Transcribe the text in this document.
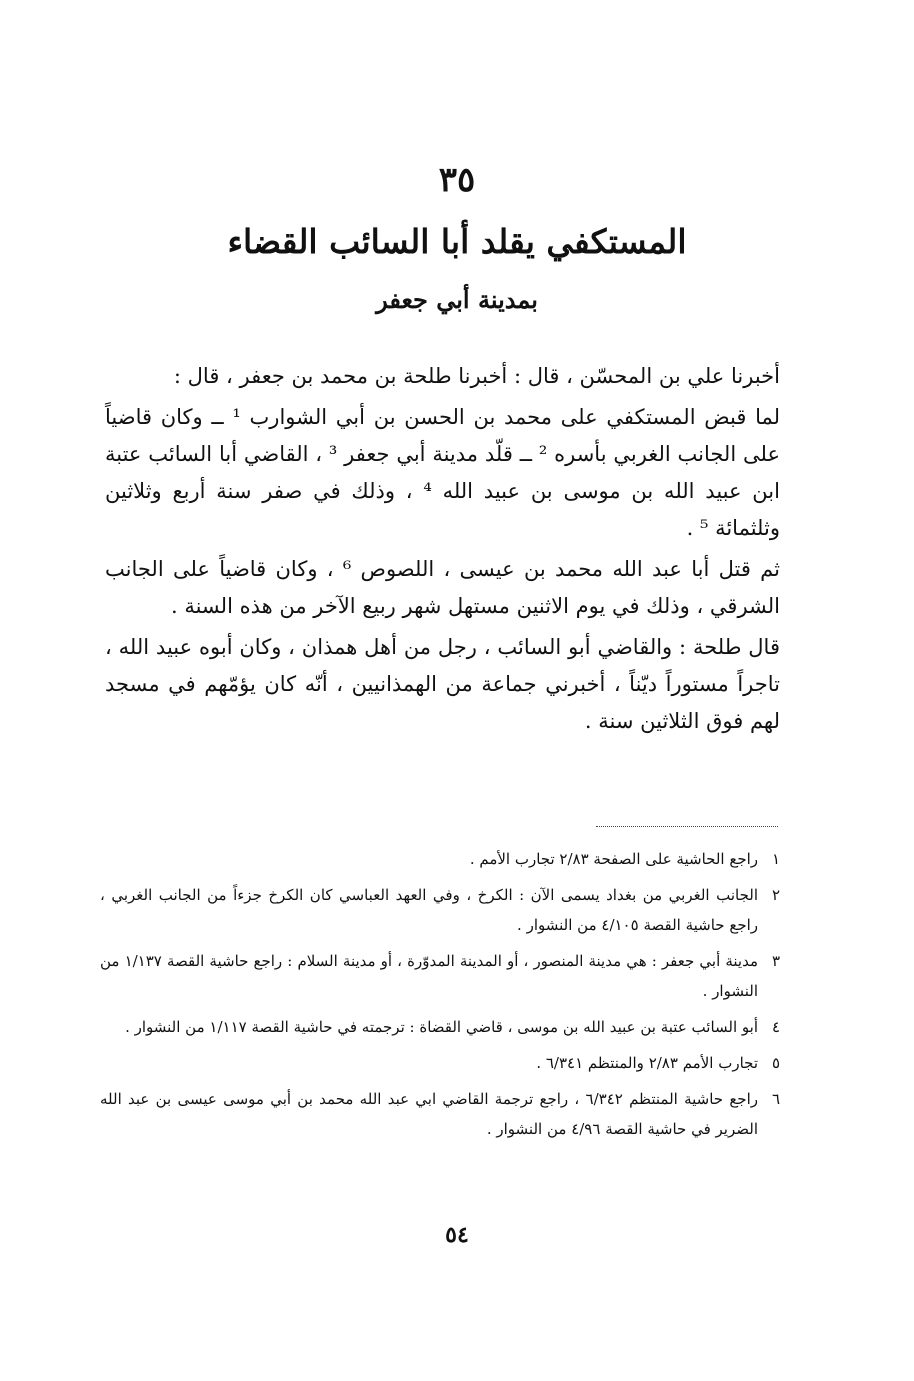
٣٥
المستكفي يقلد أبا السائب القضاء
بمدينة أبي جعفر

أخبرنا علي بن المحسّن ، قال : أخبرنا طلحة بن محمد بن جعفر ، قال :

لما قبض المستكفي على محمد بن الحسن بن أبي الشوارب ¹ ــ وكان قاضياً على الجانب الغربي بأسره ² ــ قلّد مدينة أبي جعفر ³ ، القاضي أبا السائب عتبة ابن عبيد الله بن موسى بن عبيد الله ⁴ ، وذلك في صفر سنة أربع وثلاثين وثلثمائة ⁵ .

ثم قتل أبا عبد الله محمد بن عيسى ، اللصوص ⁶ ، وكان قاضياً على الجانب الشرقي ، وذلك في يوم الاثنين مستهل شهر ربيع الآخر من هذه السنة .

قال طلحة : والقاضي أبو السائب ، رجل من أهل همذان ، وكان أبوه عبيد الله ، تاجراً مستوراً ديّناً ، أخبرني جماعة من الهمذانيين ، أنّه كان يؤمّهم في مسجد لهم فوق الثلاثين سنة .

١
راجع الحاشية على الصفحة ٢/٨٣ تجارب الأمم .
٢
الجانب الغربي من بغداد يسمى الآن : الكرخ ، وفي العهد العباسي كان الكرخ جزءاً من الجانب الغربي ، راجع حاشية القصة ٤/١٠٥ من النشوار .
٣
مدينة أبي جعفر : هي مدينة المنصور ، أو المدينة المدوّرة ، أو مدينة السلام : راجع حاشية القصة ١/١٣٧ من النشوار .
٤
أبو السائب عتبة بن عبيد الله بن موسى ، قاضي القضاة : ترجمته في حاشية القصة ١/١١٧ من النشوار .
٥
تجارب الأمم ٢/٨٣ والمنتظم ٦/٣٤١ .
٦
راجع حاشية المنتظم ٦/٣٤٢ ، راجع ترجمة القاضي ابي عبد الله محمد بن أبي موسى عيسى بن عبد الله الضرير في حاشية القصة ٤/٩٦ من النشوار .
٥٤
